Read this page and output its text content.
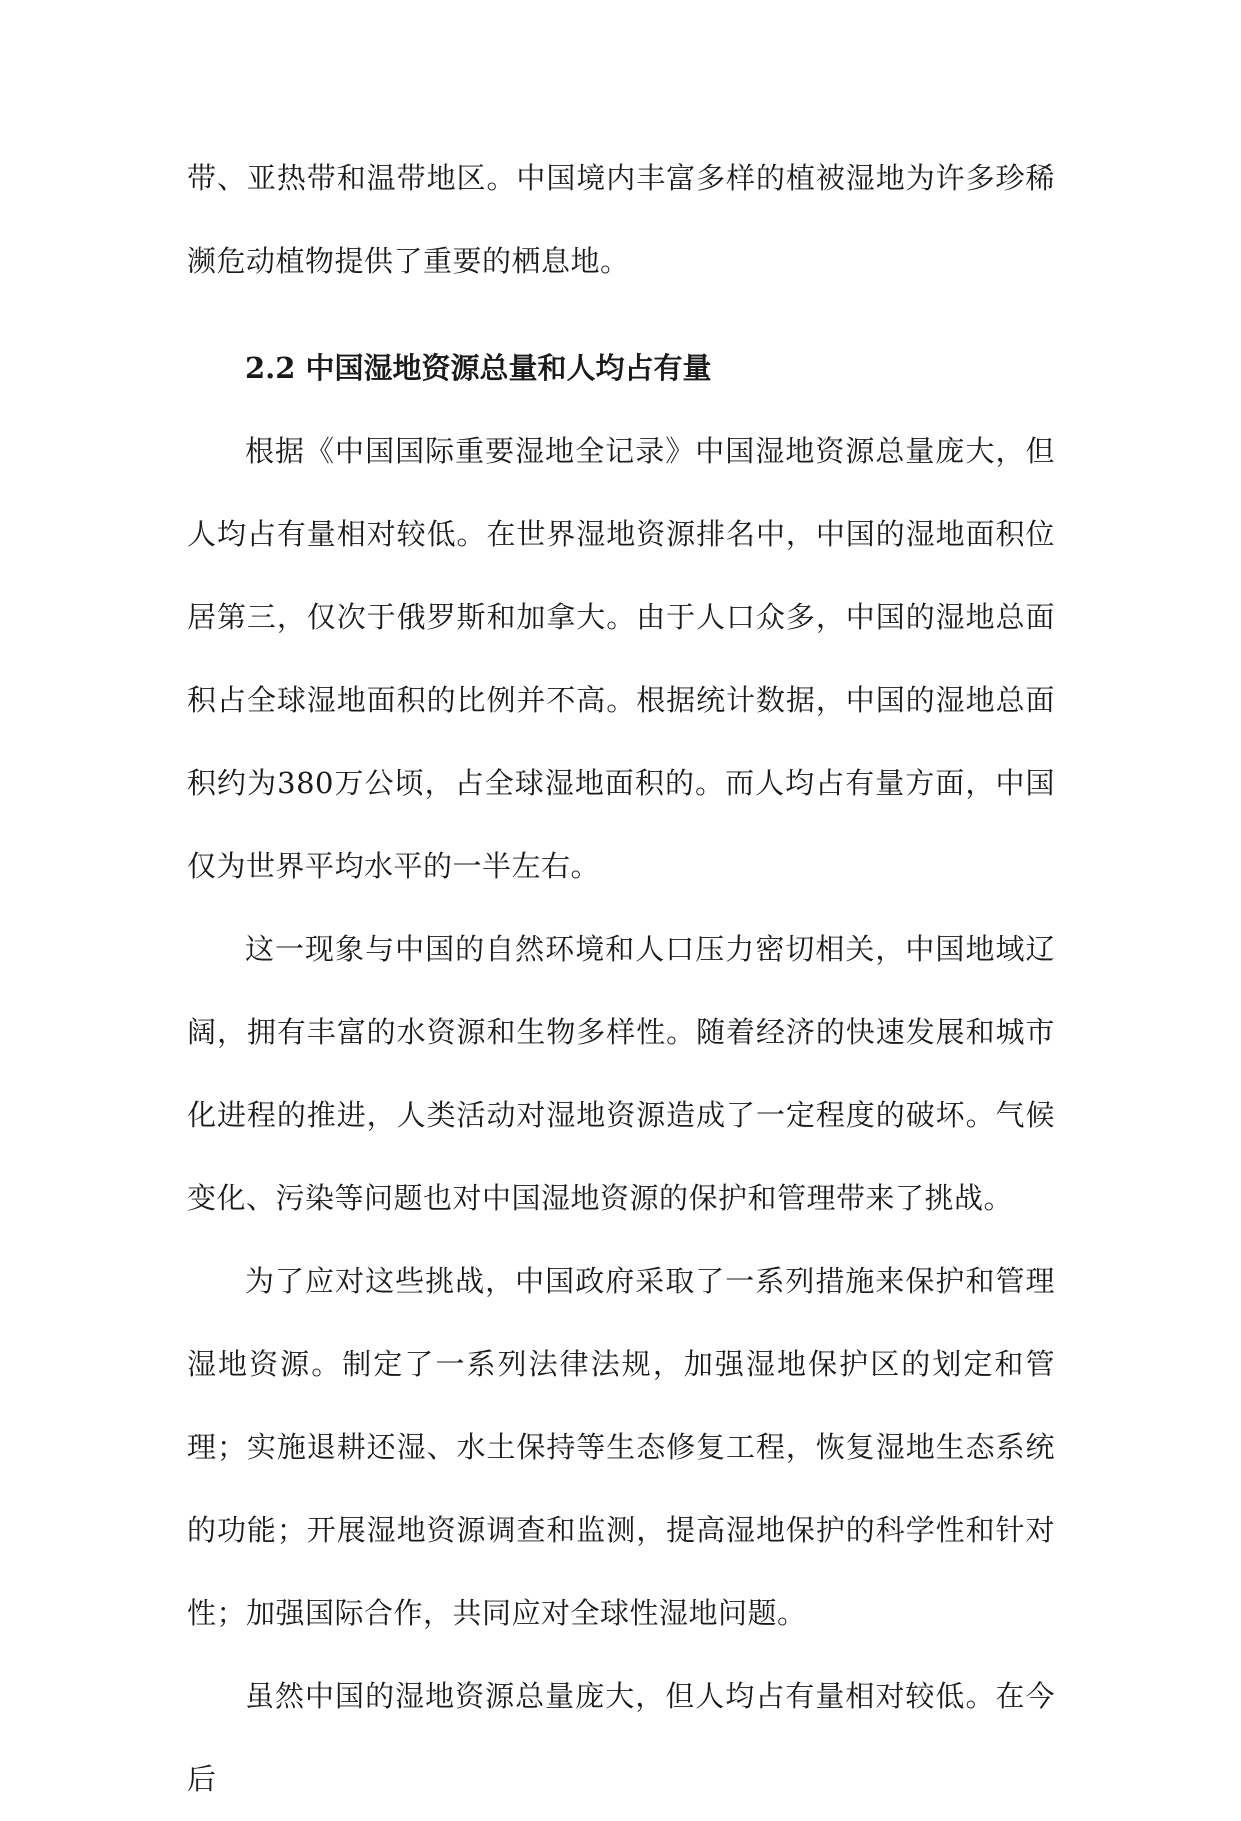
带、亚热带和温带地区。中国境内丰富多样的植被湿地为许多珍稀濒危动植物提供了重要的栖息地。

2.2 中国湿地资源总量和人均占有量

根据《中国国际重要湿地全记录》中国湿地资源总量庞大，但人均占有量相对较低。在世界湿地资源排名中，中国的湿地面积位居第三，仅次于俄罗斯和加拿大。由于人口众多，中国的湿地总面积占全球湿地面积的比例并不高。根据统计数据，中国的湿地总面积约为380万公顷，占全球湿地面积的。而人均占有量方面，中国仅为世界平均水平的一半左右。

这一现象与中国的自然环境和人口压力密切相关，中国地域辽阔，拥有丰富的水资源和生物多样性。随着经济的快速发展和城市化进程的推进，人类活动对湿地资源造成了一定程度的破坏。气候变化、污染等问题也对中国湿地资源的保护和管理带来了挑战。

为了应对这些挑战，中国政府采取了一系列措施来保护和管理湿地资源。制定了一系列法律法规，加强湿地保护区的划定和管理；实施退耕还湿、水土保持等生态修复工程，恢复湿地生态系统的功能；开展湿地资源调查和监测，提高湿地保护的科学性和针对性；加强国际合作，共同应对全球性湿地问题。

虽然中国的湿地资源总量庞大，但人均占有量相对较低。在今后
